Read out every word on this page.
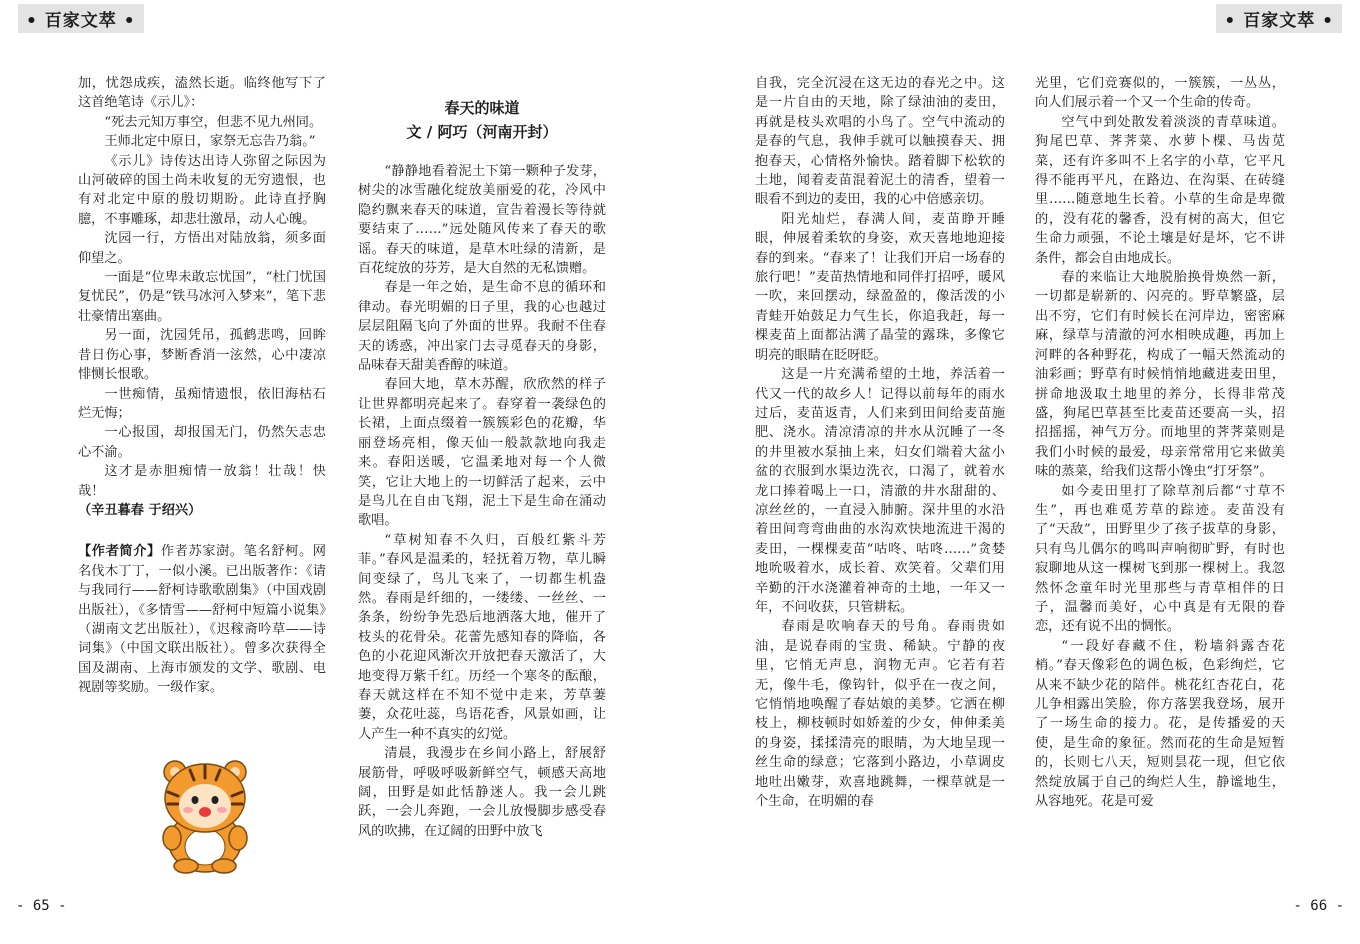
• 百家文萃 •	• 百家文萃 •

加，忧怨成疾，溘然长逝。临终他写下了这首绝笔诗《示儿》：

“死去元知万事空，但悲不见九州同。

王师北定中原日，家祭无忘告乃翁。”

《示儿》诗传达出诗人弥留之际因为山河破碎的国土尚未收复的无穷遗恨，也有对北定中原的殷切期盼。此诗直抒胸臆，不事雕琢，却悲壮激昂，动人心魄。

沈园一行，方悟出对陆放翁，须多面仰望之。

一面是“位卑未敢忘忧国”，“杜门忧国复忧民”，仍是“铁马冰河入梦来”，笔下悲壮豪情出塞曲。

另一面，沈园凭吊，孤鹤悲鸣，回眸昔日伤心事，梦断香消一泫然，心中凄凉悱恻长恨歌。

一世痴情，虽痴情遗恨，依旧海枯石烂无悔；

一心报国，却报国无门，仍然矢志忠心不渝。

这才是赤胆痴情一放翁！壮哉！快哉！

（辛丑暮春 于绍兴）

【作者简介】作者苏家澍。笔名舒柯。网名伐木丁丁，一似小溪。已出版著作：《请与我同行——舒柯诗歌歌剧集》（中国戏剧出版社），《多情雪——舒柯中短篇小说集》（湖南文艺出版社），《迟稼斋吟草——诗词集》（中国文联出版社）。曾多次获得全国及湖南、上海市颁发的文学、歌剧、电视剧等奖励。一级作家。

春天的味道
文 / 阿巧（河南开封）

“静静地看着泥土下第一颗种子发芽，树尖的冰雪融化绽放美丽爱的花，冷风中隐约飘来春天的味道，宣告着漫长等待就要结束了……”远处随风传来了春天的歌谣。春天的味道，是草木吐绿的清新，是百花绽放的芬芳，是大自然的无私馈赠。

春是一年之始，是生命不息的循环和律动。春光明媚的日子里，我的心也越过层层阻隔飞向了外面的世界。我耐不住春天的诱惑，冲出家门去寻觅春天的身影，品味春天甜美香醇的味道。

春回大地，草木苏醒，欣欣然的样子让世界都明亮起来了。春穿着一袭绿色的长裙，上面点缀着一簇簇彩色的花瓣，华丽登场亮相，像天仙一般款款地向我走来。春阳送暖，它温柔地对每一个人微笑，它让大地上的一切鲜活了起来，云中是鸟儿在自由飞翔，泥土下是生命在涌动歌唱。

“草树知春不久归，百般红紫斗芳菲。”春风是温柔的，轻抚着万物，草儿瞬间变绿了，鸟儿飞来了，一切都生机盎然。春雨是纤细的，一缕缕、一丝丝、一条条，纷纷争先恐后地洒落大地，催开了枝头的花骨朵。花蕾先感知春的降临，各色的小花迎风渐次开放把春天激活了，大地变得万紫千红。历经一个寒冬的酝酿，春天就这样在不知不觉中走来，芳草萋萋，众花吐蕊，鸟语花香，风景如画，让人产生一种不真实的幻觉。

清晨，我漫步在乡间小路上，舒展舒展筋骨，呼吸呼吸新鲜空气，顿感天高地阔，田野是如此恬静迷人。我一会儿跳跃，一会儿奔跑，一会儿放慢脚步感受春风的吹拂，在辽阔的田野中放飞

自我，完全沉浸在这无边的春光之中。这是一片自由的天地，除了绿油油的麦田，再就是枝头欢唱的小鸟了。空气中流动的是春的气息，我伸手就可以触摸春天、拥抱春天，心情格外愉快。踏着脚下松软的土地，闻着麦苗混着泥土的清香，望着一眼看不到边的麦田，我的心中倍感亲切。

阳光灿烂，春满人间，麦苗睁开睡眼，伸展着柔软的身姿，欢天喜地地迎接春的到来。“春来了！让我们开启一场春的旅行吧！”麦苗热情地和同伴打招呼，暖风一吹，来回摆动，绿盈盈的，像活泼的小青蛙开始鼓足力气生长，你追我赶，每一棵麦苗上面都沾满了晶莹的露珠，多像它明亮的眼睛在眨呀眨。

这是一片充满希望的土地，养活着一代又一代的故乡人！记得以前每年的雨水过后，麦苗返青，人们来到田间给麦苗施肥、浇水。清凉清凉的井水从沉睡了一冬的井里被水泵抽上来，妇女们端着大盆小盆的衣服到水渠边洗衣，口渴了，就着水龙口捧着喝上一口，清澈的井水甜甜的、凉丝丝的，一直浸入肺腑。深井里的水沿着田间弯弯曲曲的水沟欢快地流进干渴的麦田，一棵棵麦苗“咕咚、咕咚……”贪婪地吮吸着水，成长着、欢笑着。父辈们用辛勤的汗水浇灌着神奇的土地，一年又一年，不问收获，只管耕耘。

春雨是吹响春天的号角。春雨贵如油，是说春雨的宝贵、稀缺。宁静的夜里，它悄无声息，润物无声。它若有若无，像牛毛，像钩针，似乎在一夜之间，它悄悄地唤醒了春姑娘的美梦。它洒在柳枝上，柳枝顿时如娇羞的少女，伸伸柔美的身姿，揉揉清亮的眼睛，为大地呈现一丝生命的绿意；它落到小路边，小草调皮地吐出嫩芽，欢喜地跳舞，一棵草就是一个生命，在明媚的春

光里，它们竞赛似的，一簇簇，一丛丛，向人们展示着一个又一个生命的传奇。

空气中到处散发着淡淡的青草味道。狗尾巴草、荠荠菜、水萝卜棵、马齿苋菜，还有许多叫不上名字的小草，它平凡得不能再平凡，在路边、在沟渠、在砖缝里……随意地生长着。小草的生命是卑微的，没有花的馨香，没有树的高大，但它生命力顽强，不论土壤是好是坏，它不讲条件，都会自由地成长。

春的来临让大地脱胎换骨焕然一新，一切都是崭新的、闪亮的。野草繁盛，层出不穷，它们有时候长在河岸边，密密麻麻，绿草与清澈的河水相映成趣，再加上河畔的各种野花，构成了一幅天然流动的油彩画；野草有时候悄悄地藏进麦田里，拼命地汲取土地里的养分，长得非常茂盛，狗尾巴草甚至比麦苗还要高一头，招招摇摇，神气万分。而地里的荠荠菜则是我们小时候的最爱，母亲常常用它来做美味的蒸菜，给我们这帮小馋虫“打牙祭”。

如今麦田里打了除草剂后都“寸草不生”，再也难觅芳草的踪迹。麦苗没有了“天敌”，田野里少了孩子拔草的身影，只有鸟儿偶尔的鸣叫声响彻旷野，有时也寂聊地从这一棵树飞到那一棵树上。我忽然怀念童年时光里那些与青草相伴的日子，温馨而美好，心中真是有无限的眷恋，还有说不出的惆怅。

“一段好春藏不住，粉墙斜露杏花梢。”春天像彩色的调色板，色彩绚烂，它从来不缺少花的陪伴。桃花红杏花白，花儿争相露出笑脸，你方落罢我登场，展开了一场生命的接力。花，是传播爱的天使，是生命的象征。然而花的生命是短暂的，长则七八天，短则昙花一现，但它依然绽放属于自己的绚烂人生，静谧地生，从容地死。花是可爱

- 65 -	- 66 -
